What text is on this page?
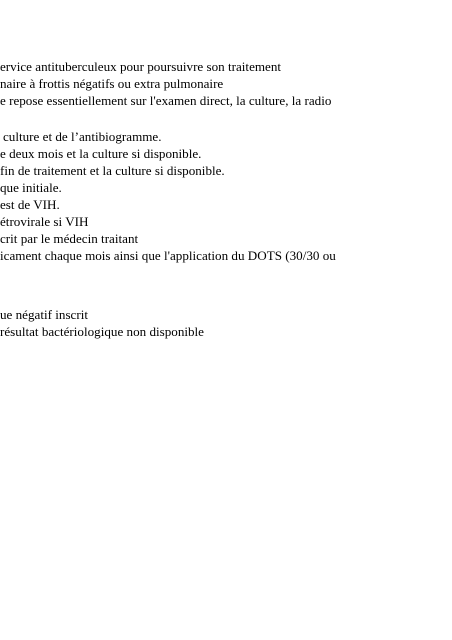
ervice antituberculeux pour poursuivre son traitement
naire à frottis négatifs ou extra pulmonaire
e repose essentiellement sur l'examen direct, la culture, la radio
culture et de l’antibiogramme.
e deux mois et la culture si disponible.
fin de traitement et la culture si disponible.
que initiale.
est de VIH.
étrovirale si VIH
crit par le médecin traitant
icament chaque mois ainsi que l'application du DOTS (30/30 ou
ue négatif inscrit
résultat bactériologique non disponible
